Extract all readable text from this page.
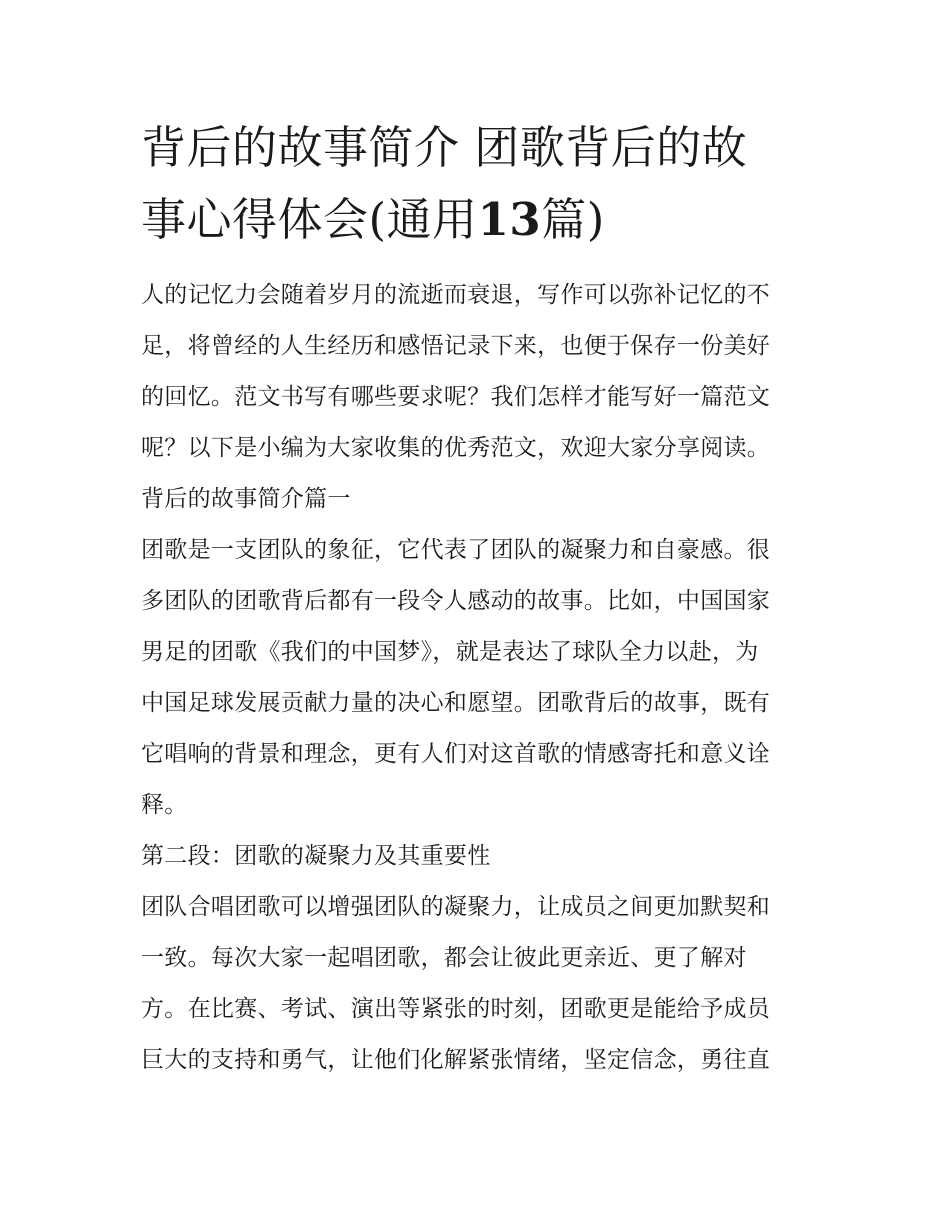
背后的故事简介 团歌背后的故
事心得体会(通用13篇)
人的记忆力会随着岁月的流逝而衰退，写作可以弥补记忆的不
足，将曾经的人生经历和感悟记录下来，也便于保存一份美好
的回忆。范文书写有哪些要求呢？我们怎样才能写好一篇范文
呢？以下是小编为大家收集的优秀范文，欢迎大家分享阅读。
背后的故事简介篇一
团歌是一支团队的象征，它代表了团队的凝聚力和自豪感。很
多团队的团歌背后都有一段令人感动的故事。比如，中国国家
男足的团歌《我们的中国梦》，就是表达了球队全力以赴，为
中国足球发展贡献力量的决心和愿望。团歌背后的故事，既有
它唱响的背景和理念，更有人们对这首歌的情感寄托和意义诠
释。
第二段：团歌的凝聚力及其重要性
团队合唱团歌可以增强团队的凝聚力，让成员之间更加默契和
一致。每次大家一起唱团歌，都会让彼此更亲近、更了解对
方。在比赛、考试、演出等紧张的时刻，团歌更是能给予成员
巨大的支持和勇气，让他们化解紧张情绪，坚定信念，勇往直
